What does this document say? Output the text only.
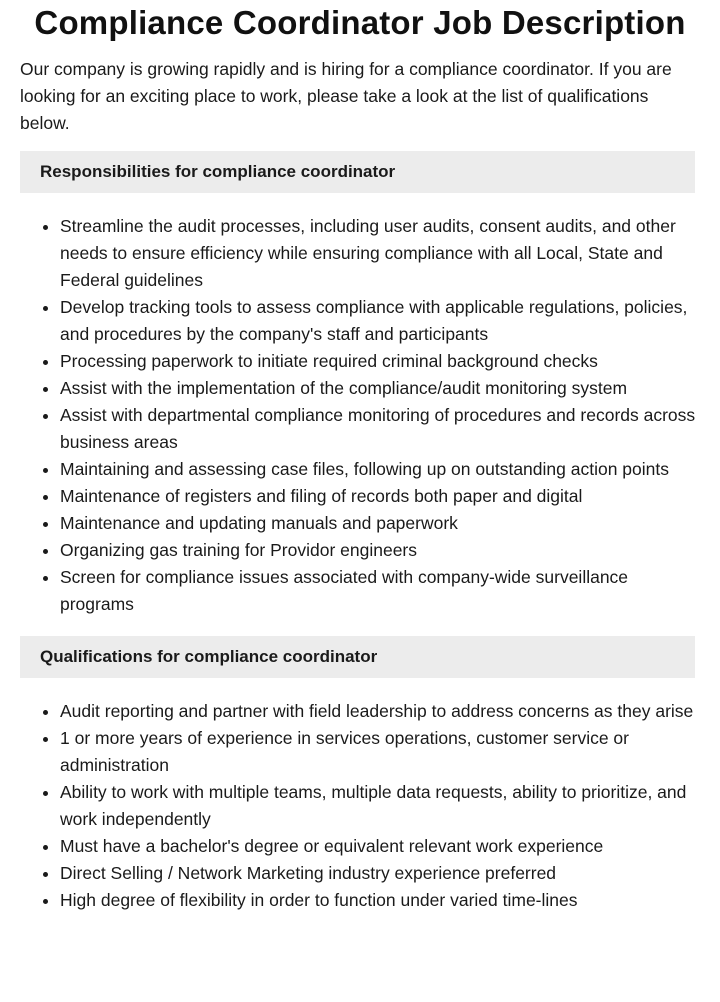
Compliance Coordinator Job Description

Our company is growing rapidly and is hiring for a compliance coordinator. If you are looking for an exciting place to work, please take a look at the list of qualifications below.

Responsibilities for compliance coordinator
• Streamline the audit processes, including user audits, consent audits, and other needs to ensure efficiency while ensuring compliance with all Local, State and Federal guidelines
• Develop tracking tools to assess compliance with applicable regulations, policies, and procedures by the company's staff and participants
• Processing paperwork to initiate required criminal background checks
• Assist with the implementation of the compliance/audit monitoring system
• Assist with departmental compliance monitoring of procedures and records across business areas
• Maintaining and assessing case files, following up on outstanding action points
• Maintenance of registers and filing of records both paper and digital
• Maintenance and updating manuals and paperwork
• Organizing gas training for Providor engineers
• Screen for compliance issues associated with company-wide surveillance programs
Qualifications for compliance coordinator
• Audit reporting and partner with field leadership to address concerns as they arise
• 1 or more years of experience in services operations, customer service or administration
• Ability to work with multiple teams, multiple data requests, ability to prioritize, and work independently
• Must have a bachelor's degree or equivalent relevant work experience
• Direct Selling / Network Marketing industry experience preferred
• High degree of flexibility in order to function under varied time-lines
